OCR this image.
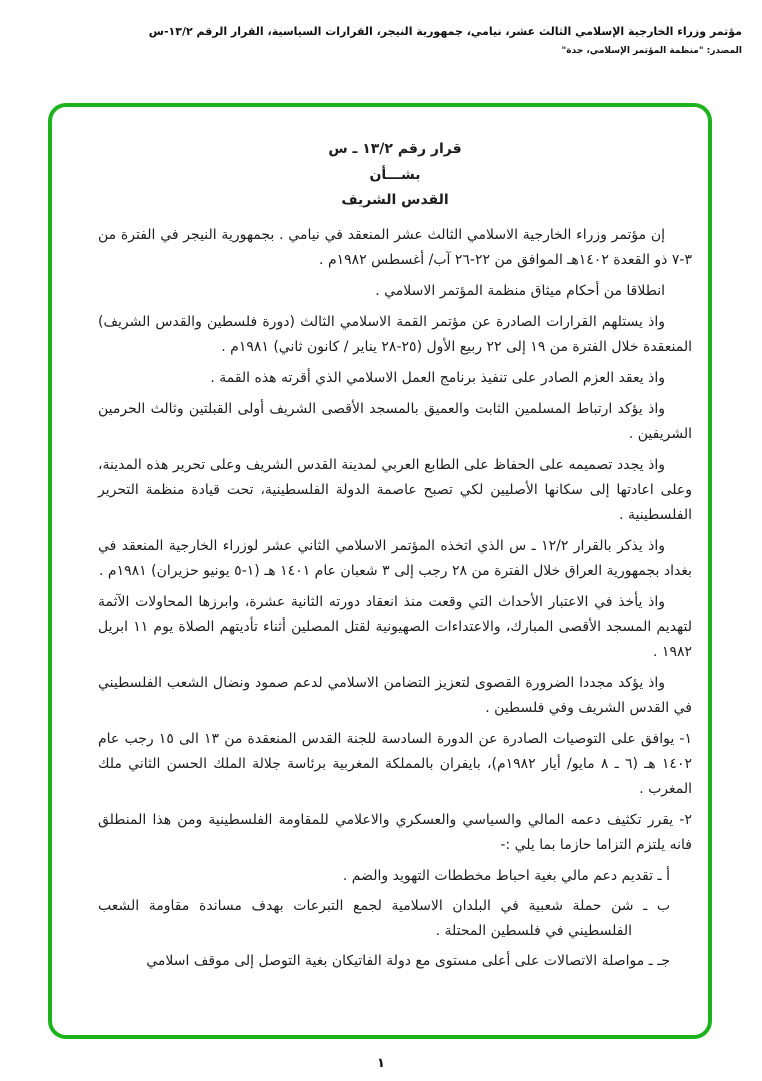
مؤتمر وزراء الخارجية الإسلامي الثالث عشر، نيامي، جمهورية النيجر، القرارات السياسية، القرار الرقم ١٣/٢-س
المصدر: "منظمة المؤتمر الإسلامي، جدة"
قرار رقم ١٣/٢ ـ س
بشـــأن
القدس الشريف

إن مؤتمر وزراء الخارجية الاسلامي الثالث عشر المنعقد في نيامي . بجمهورية النيجر في الفترة من ٣-٧ ذو القعدة ١٤٠٢هـ الموافق من ٢٢-٢٦ آب/ أغسطس ١٩٨٢م .

انطلاقا من أحكام ميثاق منظمة المؤتمر الاسلامي .

واذ يستلهم القرارات الصادرة عن مؤتمر القمة الاسلامي الثالث (دورة فلسطين والقدس الشريف) المنعقدة خلال الفترة من ١٩ إلى ٢٢ ربيع الأول (٢٥-٢٨ يناير / كانون ثاني) ١٩٨١م .

واذ يعقد العزم الصادر على تنفيذ برنامج العمل الاسلامي الذي أقرته هذه القمة .

واذ يؤكد ارتباط المسلمين الثابت والعميق بالمسجد الأقصى الشريف أولى القبلتين وثالث الحرمين الشريفين .

واذ يجدد تصميمه على الحفاظ على الطابع العربي لمدينة القدس الشريف وعلى تحرير هذه المدينة، وعلى اعادتها إلى سكانها الأصليين لكي تصبح عاصمة الدولة الفلسطينية، تحت قيادة منظمة التحرير الفلسطينية .

واذ يذكر بالقرار ١٢/٢ ـ س الذي اتخذه المؤتمر الاسلامي الثاني عشر لوزراء الخارجية المنعقد في بغداد بجمهورية العراق خلال الفترة من ٢٨ رجب إلى ٣ شعبان عام ١٤٠١ هـ (١-٥ يونيو حزيران) ١٩٨١م .

واذ يأخذ في الاعتبار الأحداث التي وقعت منذ انعقاد دورته الثانية عشرة، وابرزها المحاولات الآثمة لتهديم المسجد الأقصى المبارك، والاعتداءات الصهيونية لقتل المصلين أثناء تأديتهم الصلاة يوم ١١ ابريل ١٩٨٢ .

واذ يؤكد مجددا الضرورة القصوى لتعزيز التضامن الاسلامي لدعم صمود ونضال الشعب الفلسطيني في القدس الشريف وفي فلسطين .

١- يوافق على التوصيات الصادرة عن الدورة السادسة للجنة القدس المنعقدة من ١٣ الى ١٥ رجب عام ١٤٠٢ هـ (٦ ـ ٨ مايو/ أيار ١٩٨٢م)، بايفران بالمملكة المغربية برئاسة جلالة الملك الحسن الثاني ملك المغرب .

٢- يقرر تكثيف دعمه المالي والسياسي والعسكري والاعلامي للمقاومة الفلسطينية ومن هذا المنطلق فانه يلتزم التزاما حازما بما يلي :-

أ ـ تقديم دعم مالي بغية احباط مخططات التهويد والضم .

ب ـ شن حملة شعبية في البلدان الاسلامية لجمع التبرعات بهدف مساندة مقاومة الشعب الفلسطيني في فلسطين المحتلة .

جـ ـ مواصلة الاتصالات على أعلى مستوى مع دولة الفاتيكان بغية التوصل إلى موقف اسلامي

١
